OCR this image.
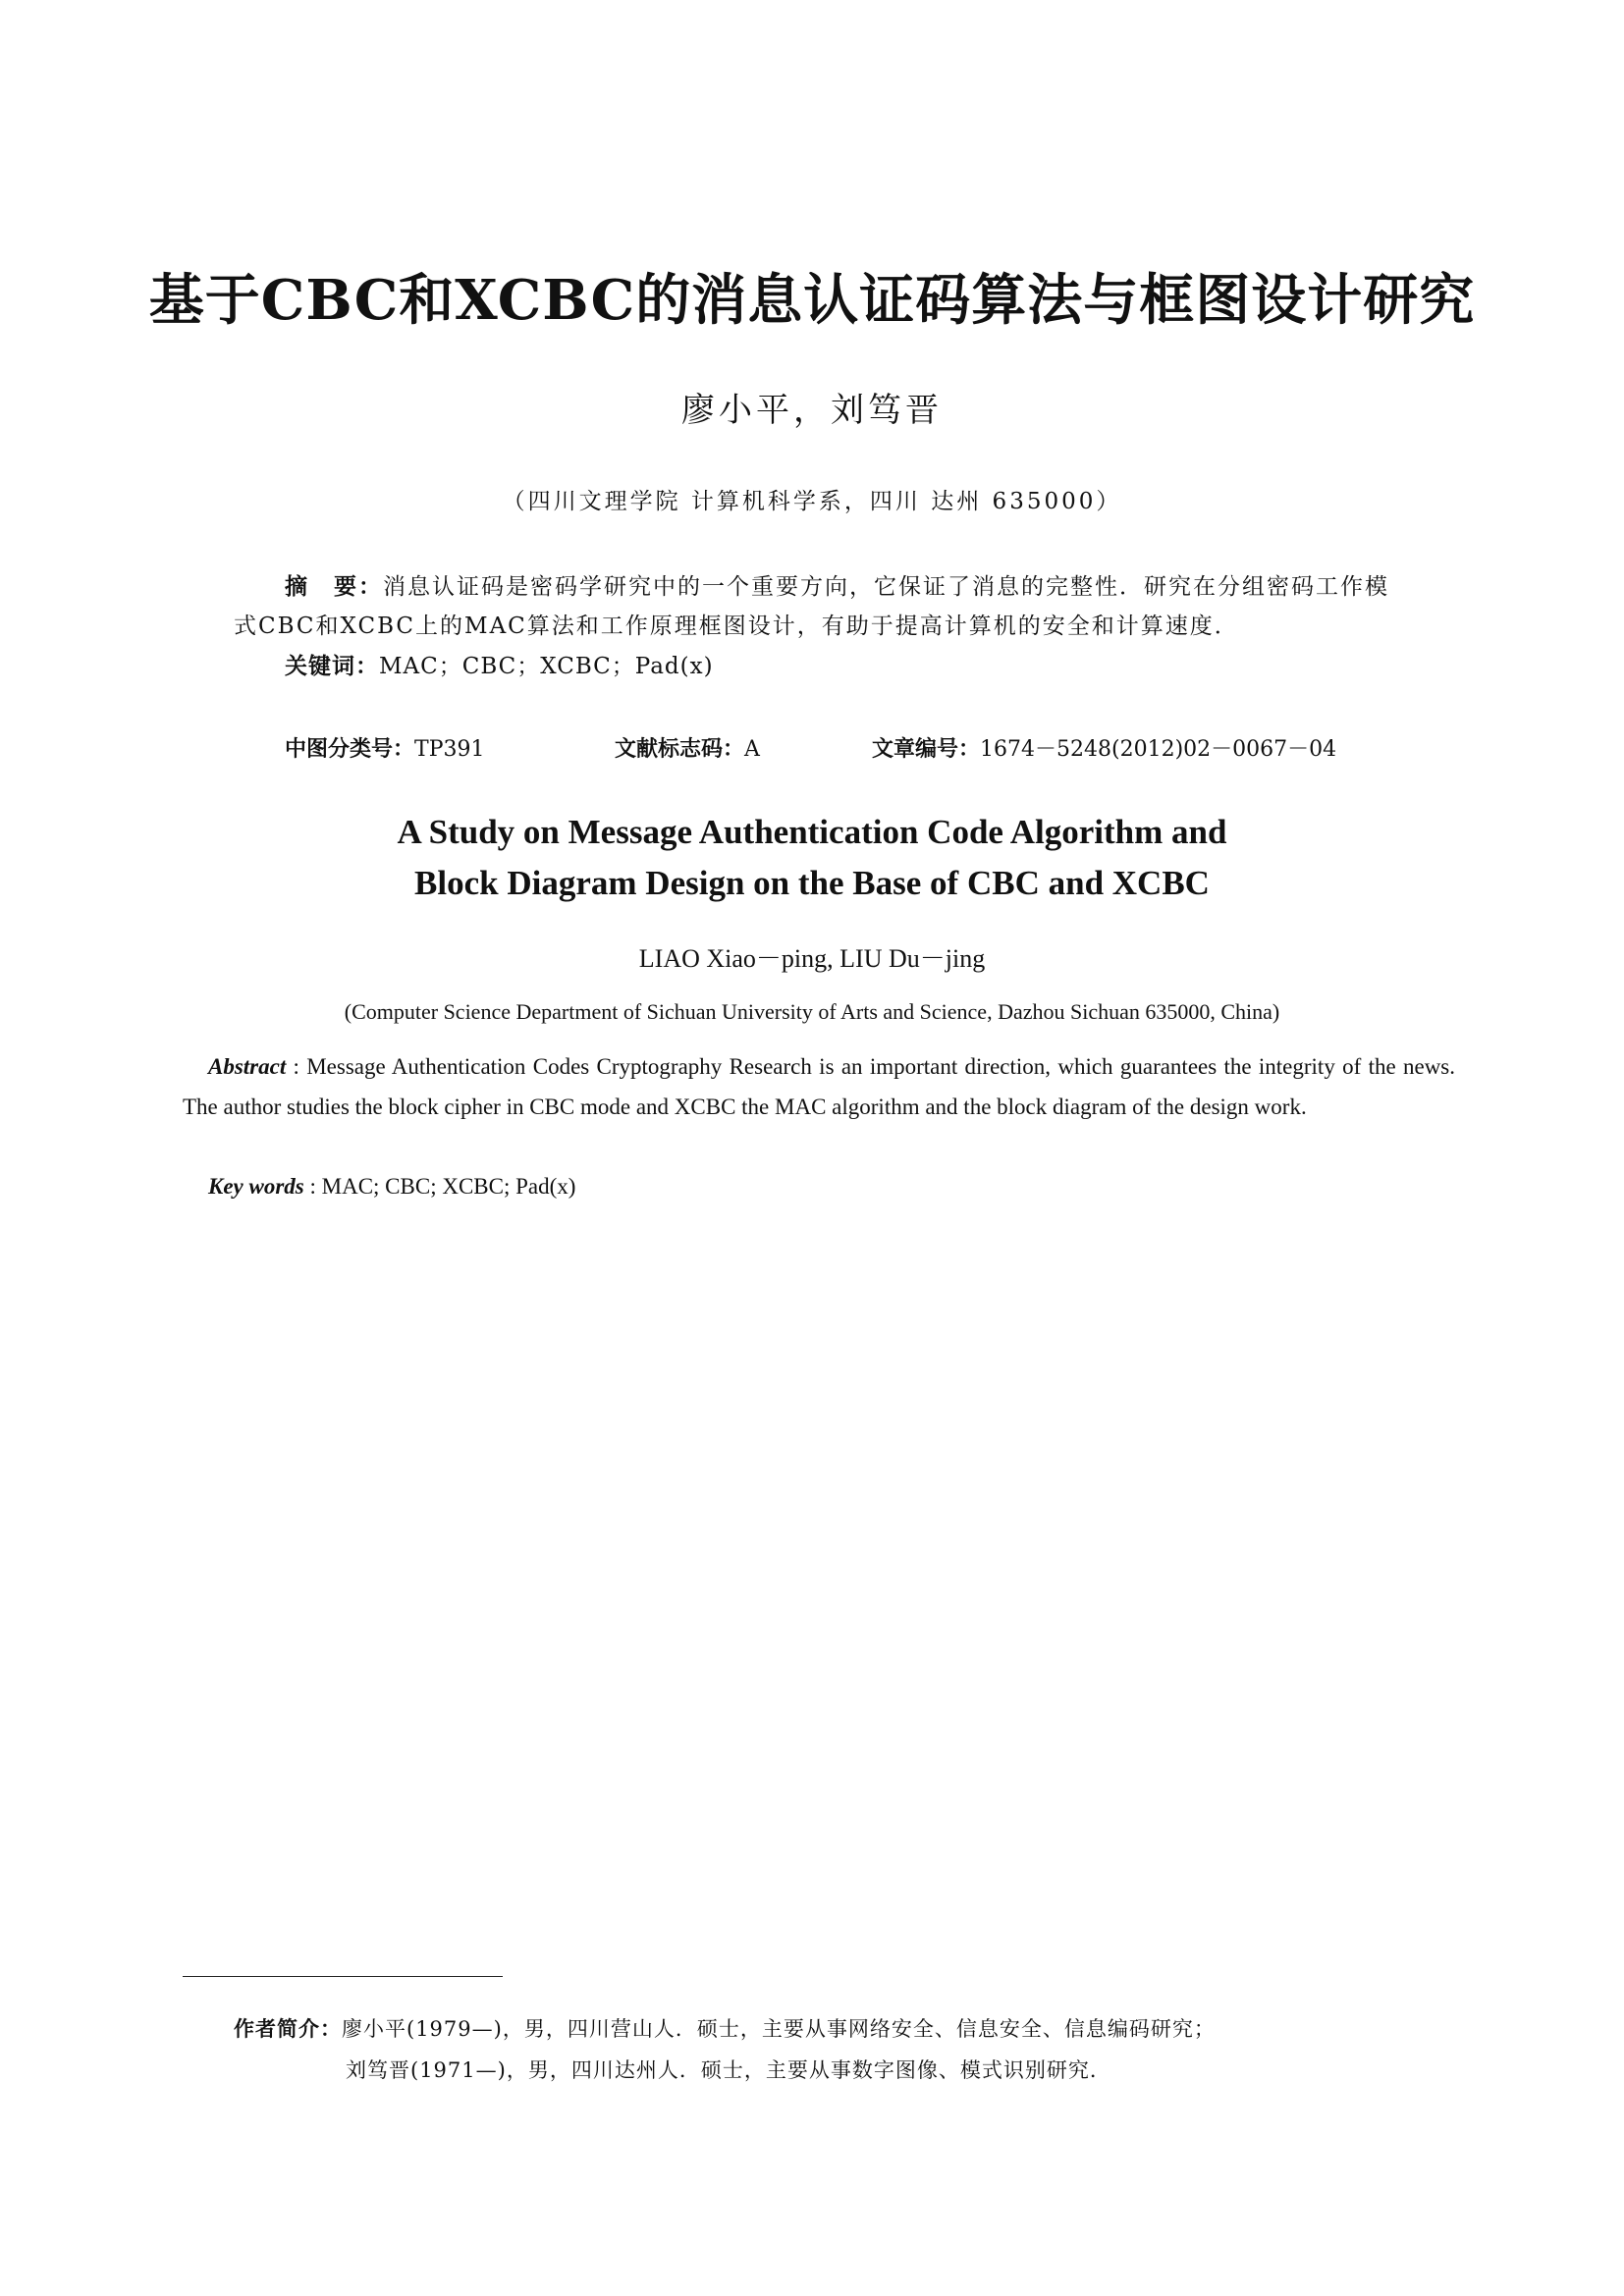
基于CBC和XCBC的消息认证码算法与框图设计研究
廖小平，刘笃晋
（四川文理学院 计算机科学系，四川 达州 635000）
摘　要：消息认证码是密码学研究中的一个重要方向，它保证了消息的完整性．研究在分组密码工作模式CBC和XCBC上的MAC算法和工作原理框图设计，有助于提高计算机的安全和计算速度．
关键词：MAC；CBC；XCBC；Pad(x)
中图分类号：TP391	文献标志码：A	文章编号：1674－5248(2012)02－0067－04
A Study on Message Authentication Code Algorithm and
Block Diagram Design on the Base of CBC and XCBC
LIAO Xiao－ping, LIU Du－jing
(Computer Science Department of Sichuan University of Arts and Science, Dazhou Sichuan 635000, China)
Abstract : Message Authentication Codes Cryptography Research is an important direction, which guarantees the integrity of the news. The author studies the block cipher in CBC mode and XCBC the MAC algorithm and the block diagram of the design work.
Key words : MAC; CBC; XCBC; Pad(x)
作者简介：廖小平(1979—)，男，四川营山人．硕士，主要从事网络安全、信息安全、信息编码研究；
刘笃晋(1971—)，男，四川达州人．硕士，主要从事数字图像、模式识别研究．
